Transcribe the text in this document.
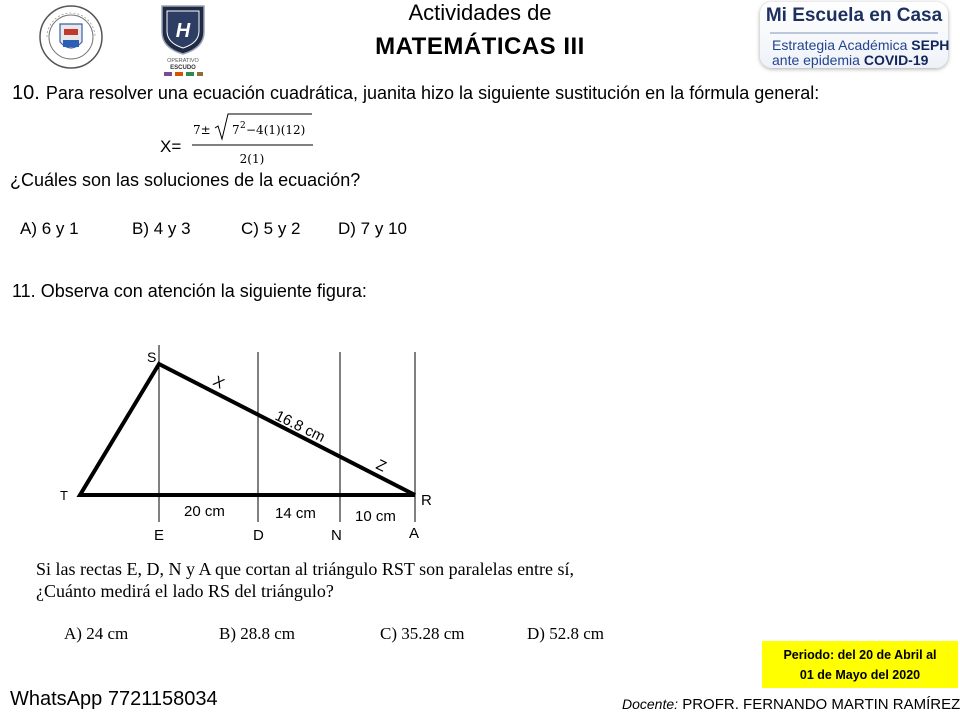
H
OPERATIVO
ESCUDO
Actividades de
MATEMÁTICAS III
Mi Escuela en Casa
Estrategia Académica SEPH
ante epidemia COVID-19
10. Para resolver una ecuación cuadrática, juanita hizo la siguiente sustitución en la fórmula general:
X=
7± 7 2 −4(1)(12)
2(1)
¿Cuáles son las soluciones de la ecuación?
A) 6 y 1	B) 4 y 3	C) 5 y 2 D) 7 y 10
11. Observa con atención la siguiente figura:
S
T	R
X
16.8 cm
Z
20 cm	14 cm	10 cm
E	D	N	A
Si las rectas E, D, N y A que cortan al triángulo RST son paralelas entre sí,
¿Cuánto medirá el lado RS del triángulo?
A) 24 cm	B) 28.8 cm	C) 35.28 cm	D) 52.8 cm
Periodo: del 20 de Abril al
01 de Mayo del 2020
WhatsApp 7721158034	Docente: PROFR. FERNANDO MARTIN RAMÍREZ
